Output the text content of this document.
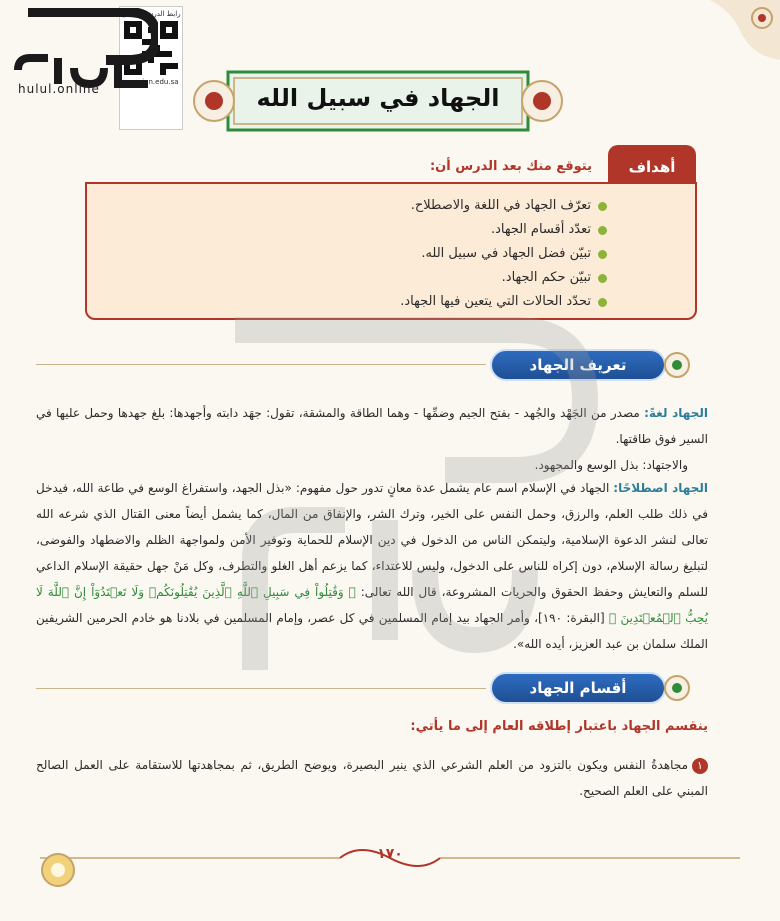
رابط الدرس الرقمي
www.ien.edu.sa
hulul.online	الجهاد في سبيل الله
أهداف
يتوقع منك بعد الدرس أن:
تعرّف الجهاد في اللغة والاصطلاح.
تعدّد أقسام الجهاد.
تبيّن فضل الجهاد في سبيل الله.
تبيّن حكم الجهاد.
تحدّد الحالات التي يتعين فيها الجهاد.
تعريف الجهاد
الجهاد لغةً: مصدر من الجَهْد والجُهد - بفتح الجيم وضمِّها - وهما الطاقة والمشقة، تقول: جهَد دابته وأجهدها: بلغ جهدها وحمل عليها في السير فوق طاقتها.
والاجتهاد: بذل الوسع والمجهود.
الجهاد اصطلاحًا: الجهاد في الإسلام اسم عام يشمل عدة معانٍ تدور حول مفهوم: «بذل الجهد، واستفراغ الوسع في طاعة الله، فيدخل في ذلك طلب العلم، والرزق، وحمل النفس على الخير، وترك الشر، والإنفاق من المال، كما يشمل أيضاً معنى القتال الذي شرعه الله تعالى لنشر الدعوة الإسلامية، وليتمكن الناس من الدخول في دين الإسلام للحماية وتوفير الأمن ولمواجهة الظلم والاضطهاد والفوضى، لتبليغ رسالة الإسلام، دون إكراه للناس على الدخول، وليس للاعتداء، كما يزعم أهل الغلو والتطرف، وكل مَنْ جهل حقيقة الإسلام الداعي للسلم والتعايش وحفظ الحقوق والحريات المشروعة، قال الله تعالى: ﴿ وَقَٰتِلُواْ فِي سَبِيلِ ٱللَّهِ ٱلَّذِينَ يُقَٰتِلُونَكُمۡ وَلَا تَعۡتَدُوٓاْ إِنَّ ٱللَّهَ لَا يُحِبُّ ٱلۡمُعۡتَدِينَ ﴾ [البقرة: ١٩٠]، وأمر الجهاد بيد إمام المسلمين في كل عصر، وإمام المسلمين في بلادنا هو خادم الحرمين الشريفين الملك سلمان بن عبد العزيز، أيده الله».
أقسام الجهاد
ينقسم الجهاد باعتبار إطلاقه العام إلى ما يأتي:
١مجاهدةُ النفس ويكون بالتزود من العلم الشرعي الذي ينير البصيرة، ويوضح الطريق، ثم بمجاهدتها للاستقامة على العمل الصالح المبني على العلم الصحيح.
١٧٠
